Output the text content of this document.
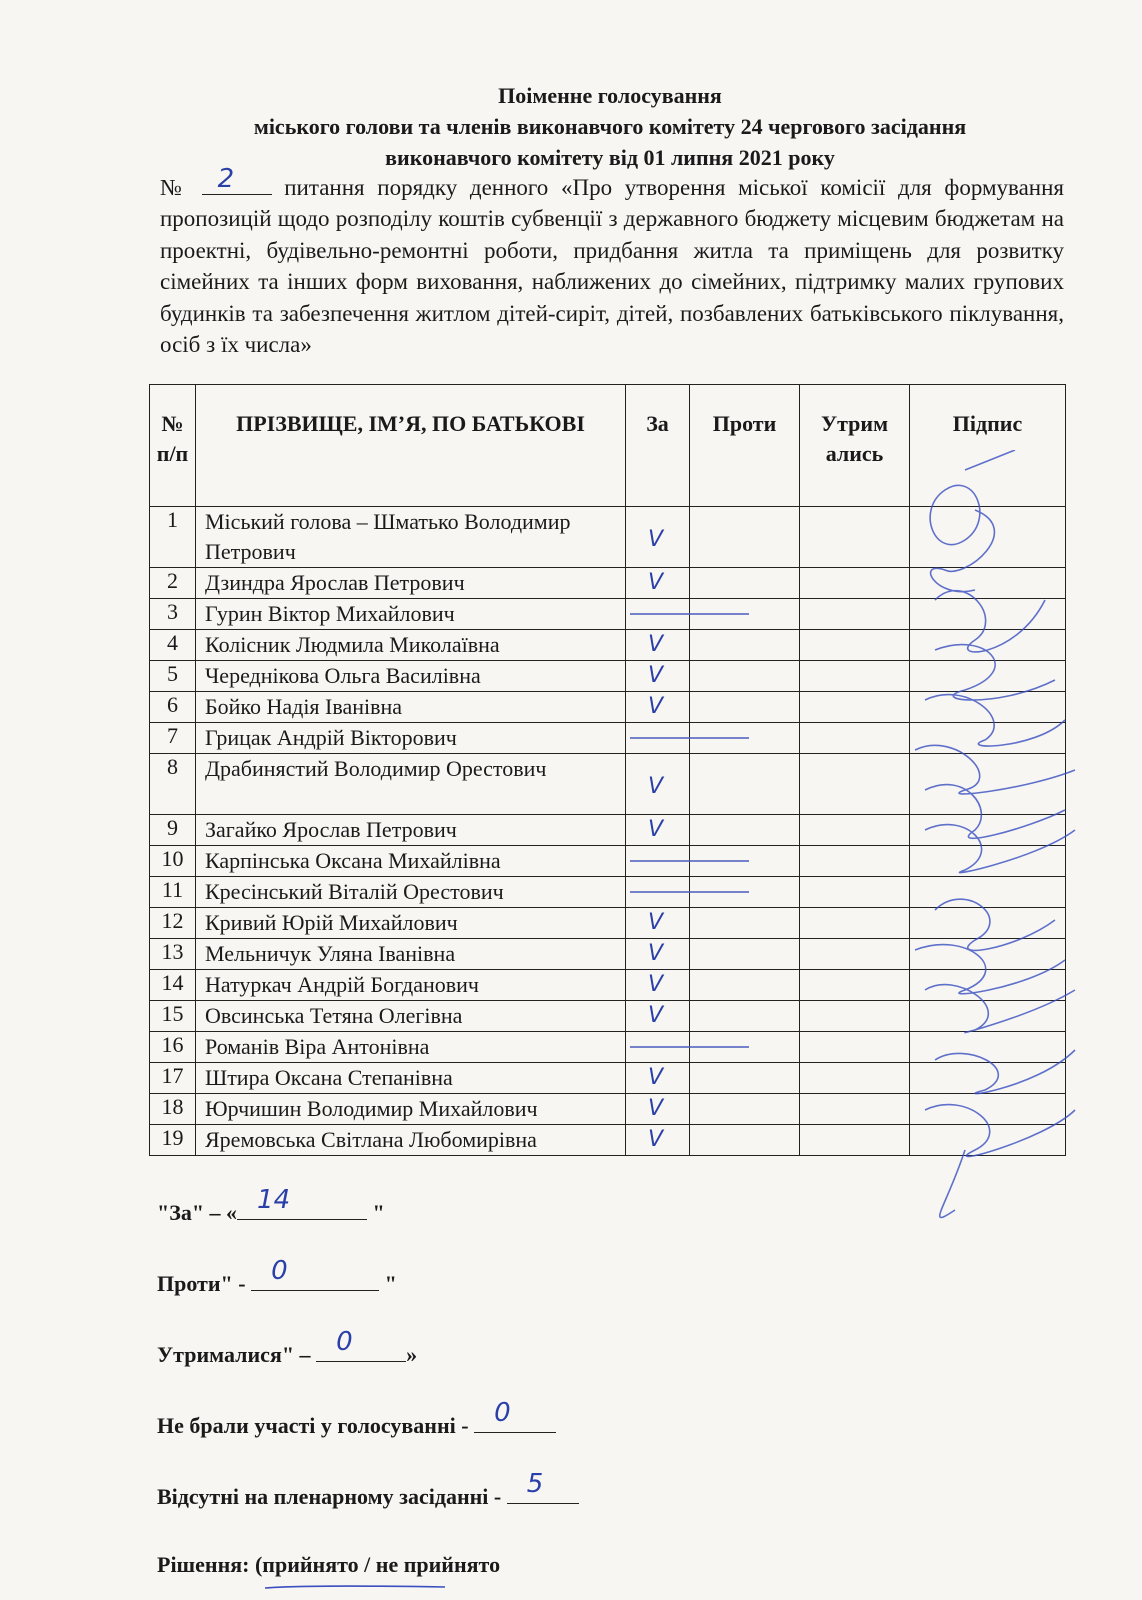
Поіменне голосування
міського голови та членів виконавчого комітету 24 чергового засідання
виконавчого комітету від 01 липня 2021 року
№ 2 питання порядку денного «Про утворення міської комісії для формування пропозицій щодо розподілу коштів субвенції з державного бюджету місцевим бюджетам на проектні, будівельно-ремонтні роботи, придбання житла та приміщень для розвитку сімейних та інших форм виховання, наближених до сімейних, підтримку малих групових будинків та забезпечення житлом дітей-сиріт, дітей, позбавлених батьківського піклування, осіб з їх числа»
№ п/п	ПРІЗВИЩЕ, ІМ’Я, ПО БАТЬКОВІ	За	Проти	Утрим ались	Підпис
1	Міський голова – Шматько Володимир Петрович	V			

2	Дзиндра Ярослав Петрович	V			

3	Гурин Віктор Михайлович	

4	Колісник Людмила Миколаївна	V			

5	Череднікова Ольга Василівна	V			

6	Бойко Надія Іванівна	V			

7	Грицак Андрій Вікторович	

8	Драбинястий Володимир Орестович	V			

9	Загайко Ярослав Петрович	V			

10	Карпінська Оксана Михайлівна	

11	Кресінський Віталій Орестович	

12	Кривий Юрій Михайлович	V			

13	Мельничук Уляна Іванівна	V			

14	Натуркач Андрій Богданович	V			

15	Овсинська Тетяна Олегівна	V			

16	Романів Віра Антонівна	

17	Штира Оксана Степанівна	V			

18	Юрчишин Володимир Михайлович	V			

19	Яремовська Світлана Любомирівна	V			

"За" – « 14	"
Проти" - 0	"
Утрималися" – 0 »
Не брали участі у голосуванні - 0
Відсутні на пленарному засіданні - 5
Рішення: (прийнято / не прийнято
